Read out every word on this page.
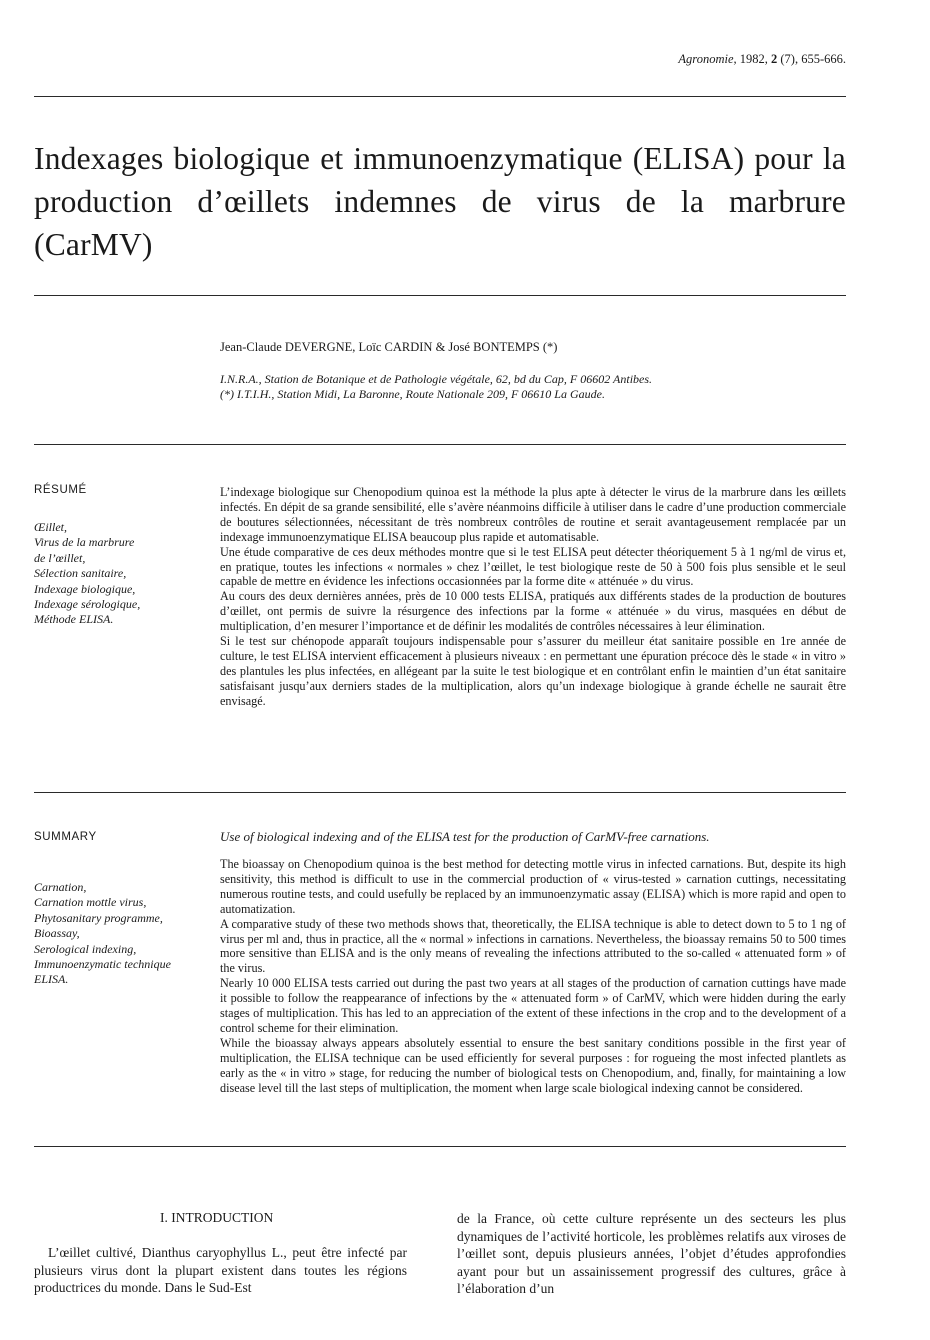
Agronomie, 1982, 2 (7), 655-666.
Indexages biologique et immunoenzymatique (ELISA) pour la production d’œillets indemnes de virus de la marbrure (CarMV)
Jean-Claude DEVERGNE, Loïc CARDIN & José BONTEMPS (*)
I.N.R.A., Station de Botanique et de Pathologie végétale, 62, bd du Cap, F 06602 Antibes.
(*) I.T.I.H., Station Midi, La Baronne, Route Nationale 209, F 06610 La Gaude.
RÉSUMÉ
Œillet,
Virus de la marbrure
de l’œillet,
Sélection sanitaire,
Indexage biologique,
Indexage sérologique,
Méthode ELISA.

L’indexage biologique sur Chenopodium quinoa est la méthode la plus apte à détecter le virus de la marbrure dans les œillets infectés. En dépit de sa grande sensibilité, elle s’avère néanmoins difficile à utiliser dans le cadre d’une production commerciale de boutures sélectionnées, nécessitant de très nombreux contrôles de routine et serait avantageusement remplacée par un indexage immunoenzymatique ELISA beaucoup plus rapide et automatisable.

Une étude comparative de ces deux méthodes montre que si le test ELISA peut détecter théoriquement 5 à 1 ng/ml de virus et, en pratique, toutes les infections « normales » chez l’œillet, le test biologique reste de 50 à 500 fois plus sensible et le seul capable de mettre en évidence les infections occasionnées par la forme dite « atténuée » du virus.

Au cours des deux dernières années, près de 10 000 tests ELISA, pratiqués aux différents stades de la production de boutures d’œillet, ont permis de suivre la résurgence des infections par la forme « atténuée » du virus, masquées en début de multiplication, d’en mesurer l’importance et de définir les modalités de contrôles nécessaires à leur élimination.

Si le test sur chénopode apparaît toujours indispensable pour s’assurer du meilleur état sanitaire possible en 1re année de culture, le test ELISA intervient efficacement à plusieurs niveaux : en permettant une épuration précoce dès le stade « in vitro » des plantules les plus infectées, en allégeant par la suite le test biologique et en contrôlant enfin le maintien d’un état sanitaire satisfaisant jusqu’aux derniers stades de la multiplication, alors qu’un indexage biologique à grande échelle ne saurait être envisagé.

SUMMARY	Use of biological indexing and of the ELISA test for the production of CarMV-free carnations.
Carnation,
Carnation mottle virus,
Phytosanitary programme,
Bioassay,
Serological indexing,
Immunoenzymatic technique
ELISA.

The bioassay on Chenopodium quinoa is the best method for detecting mottle virus in infected carnations. But, despite its high sensitivity, this method is difficult to use in the commercial production of « virus-tested » carnation cuttings, necessitating numerous routine tests, and could usefully be replaced by an immunoenzymatic assay (ELISA) which is more rapid and open to automatization.

A comparative study of these two methods shows that, theoretically, the ELISA technique is able to detect down to 5 to 1 ng of virus per ml and, thus in practice, all the « normal » infections in carnations. Nevertheless, the bioassay remains 50 to 500 times more sensitive than ELISA and is the only means of revealing the infections attributed to the so-called « attenuated form » of the virus.

Nearly 10 000 ELISA tests carried out during the past two years at all stages of the production of carnation cuttings have made it possible to follow the reappearance of infections by the « attenuated form » of CarMV, which were hidden during the early stages of multiplication. This has led to an appreciation of the extent of these infections in the crop and to the development of a control scheme for their elimination.

While the bioassay always appears absolutely essential to ensure the best sanitary conditions possible in the first year of multiplication, the ELISA technique can be used efficiently for several purposes : for rogueing the most infected plantlets as early as the « in vitro » stage, for reducing the number of biological tests on Chenopodium, and, finally, for maintaining a low disease level till the last steps of multiplication, the moment when large scale biological indexing cannot be considered.

I. INTRODUCTION

L’œillet cultivé, Dianthus caryophyllus L., peut être infecté par plusieurs virus dont la plupart existent dans toutes les régions productrices du monde. Dans le Sud-Est

de la France, où cette culture représente un des secteurs les plus dynamiques de l’activité horticole, les problèmes relatifs aux viroses de l’œillet sont, depuis plusieurs années, l’objet d’études approfondies ayant pour but un assainissement progressif des cultures, grâce à l’élaboration d’un
